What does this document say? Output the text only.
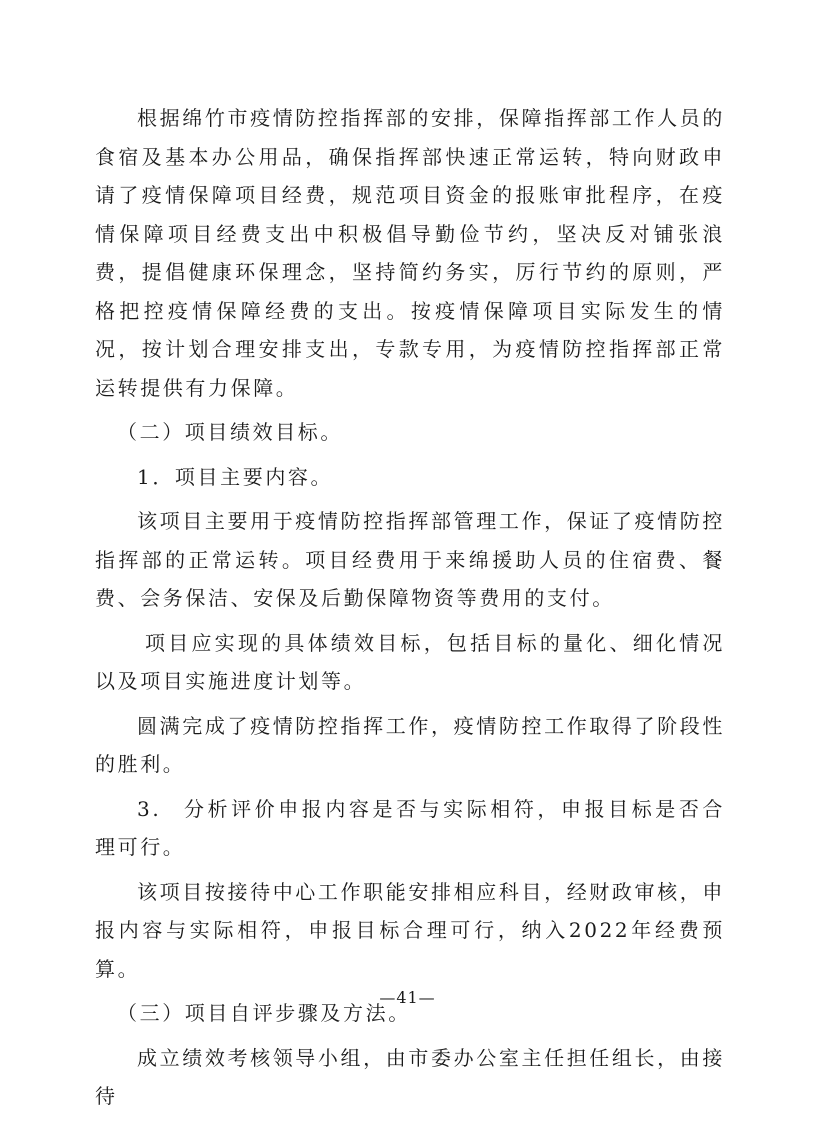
根据绵竹市疫情防控指挥部的安排，保障指挥部工作人员的食宿及基本办公用品，确保指挥部快速正常运转，特向财政申请了疫情保障项目经费，规范项目资金的报账审批程序，在疫情保障项目经费支出中积极倡导勤俭节约，坚决反对铺张浪费，提倡健康环保理念，坚持简约务实，厉行节约的原则，严格把控疫情保障经费的支出。按疫情保障项目实际发生的情况，按计划合理安排支出，专款专用，为疫情防控指挥部正常运转提供有力保障。

（二）项目绩效目标。

1．项目主要内容。

该项目主要用于疫情防控指挥部管理工作，保证了疫情防控指挥部的正常运转。项目经费用于来绵援助人员的住宿费、餐费、会务保洁、安保及后勤保障物资等费用的支付。

项目应实现的具体绩效目标，包括目标的量化、细化情况以及项目实施进度计划等。

圆满完成了疫情防控指挥工作，疫情防控工作取得了阶段性的胜利。

3. 分析评价申报内容是否与实际相符，申报目标是否合理可行。

该项目按接待中心工作职能安排相应科目，经财政审核，申报内容与实际相符，申报目标合理可行，纳入2022年经费预算。

（三）项目自评步骤及方法。

成立绩效考核领导小组，由市委办公室主任担任组长，由接待

—41—
